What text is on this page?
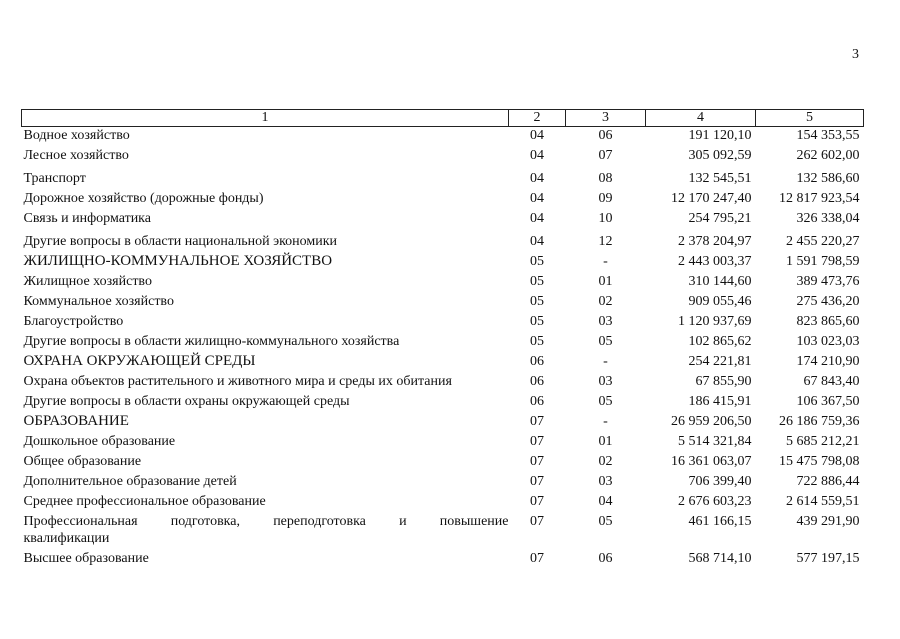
3
1	2	3	4	5
Водное хозяйство	04	06	191 120,10	154 353,55
Лесное хозяйство	04	07	305 092,59	262 602,00
Транспорт	04	08	132 545,51	132 586,60
Дорожное хозяйство (дорожные фонды)	04	09	12 170 247,40	12 817 923,54
Связь и информатика	04	10	254 795,21	326 338,04
Другие вопросы в области национальной экономики	04	12	2 378 204,97	2 455 220,27
ЖИЛИЩНО-КОММУНАЛЬНОЕ ХОЗЯЙСТВО	05	-	2 443 003,37	1 591 798,59
Жилищное хозяйство	05	01	310 144,60	389 473,76
Коммунальное хозяйство	05	02	909 055,46	275 436,20
Благоустройство	05	03	1 120 937,69	823 865,60
Другие вопросы в области жилищно-коммунального хозяйства	05	05	102 865,62	103 023,03
ОХРАНА ОКРУЖАЮЩЕЙ СРЕДЫ	06	-	254 221,81	174 210,90
Охрана объектов растительного и животного мира и среды их обитания	06	03	67 855,90	67 843,40
Другие вопросы в области охраны окружающей среды	06	05	186 415,91	106 367,50
ОБРАЗОВАНИЕ	07	-	26 959 206,50	26 186 759,36
Дошкольное образование	07	01	5 514 321,84	5 685 212,21
Общее образование	07	02	16 361 063,07	15 475 798,08
Дополнительное образование детей	07	03	706 399,40	722 886,44
Среднее профессиональное образование	07	04	2 676 603,23	2 614 559,51
Профессиональная подготовка, переподготовка и повышение
квалификации	07	05	461 166,15	439 291,90
Высшее образование	07	06	568 714,10	577 197,15
